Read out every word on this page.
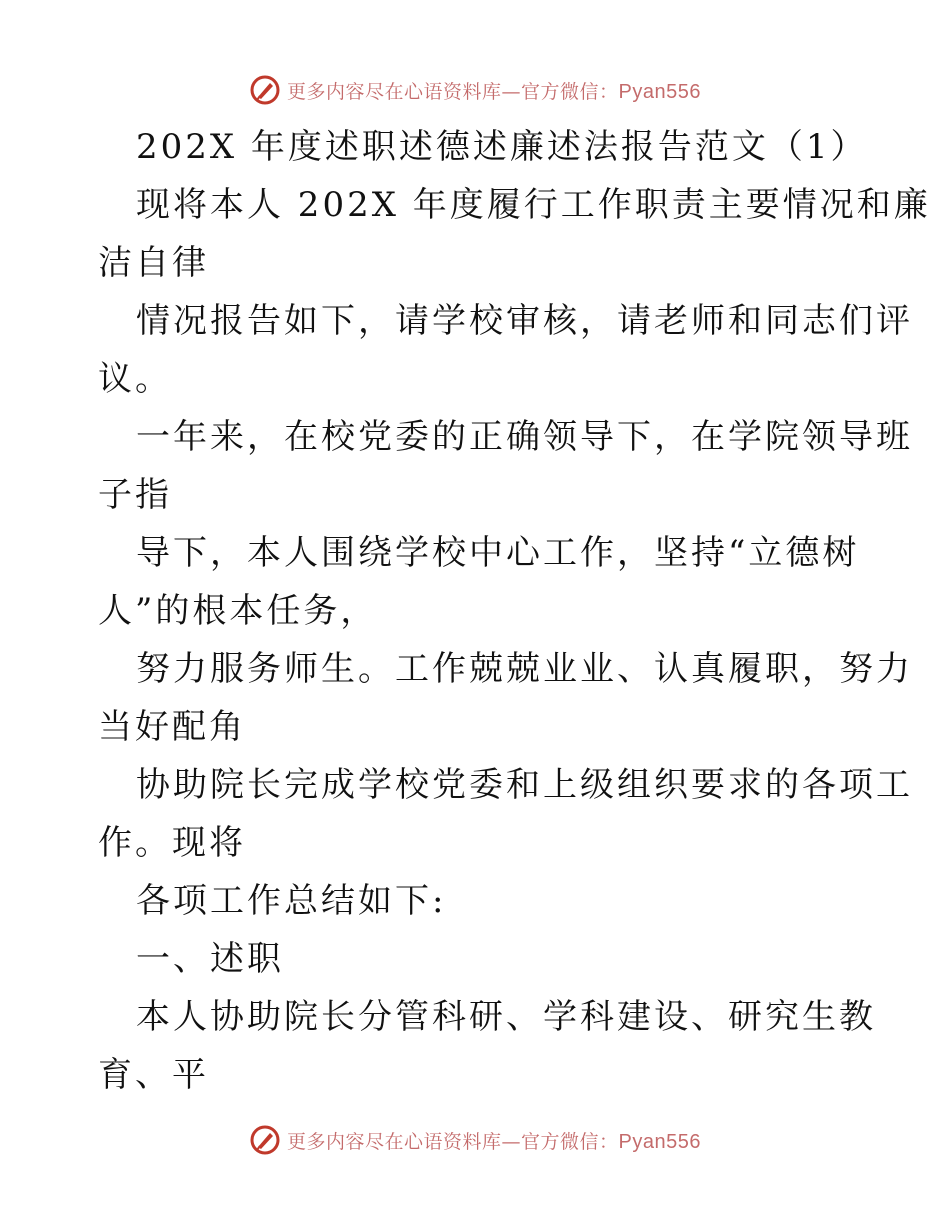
更多内容尽在心语资料库—官方微信：Pyan556
202X 年度述职述德述廉述法报告范文（1）
现将本人 202X 年度履行工作职责主要情况和廉
洁自律
情况报告如下，请学校审核，请老师和同志们评
议。
一年来，在校党委的正确领导下，在学院领导班
子指
导下，本人围绕学校中心工作，坚持“立德树
人”的根本任务，
努力服务师生。工作兢兢业业、认真履职，努力
当好配角
协助院长完成学校党委和上级组织要求的各项工
作。现将
各项工作总结如下:
一、述职
本人协助院长分管科研、学科建设、研究生教
育、平
更多内容尽在心语资料库—官方微信：Pyan556
